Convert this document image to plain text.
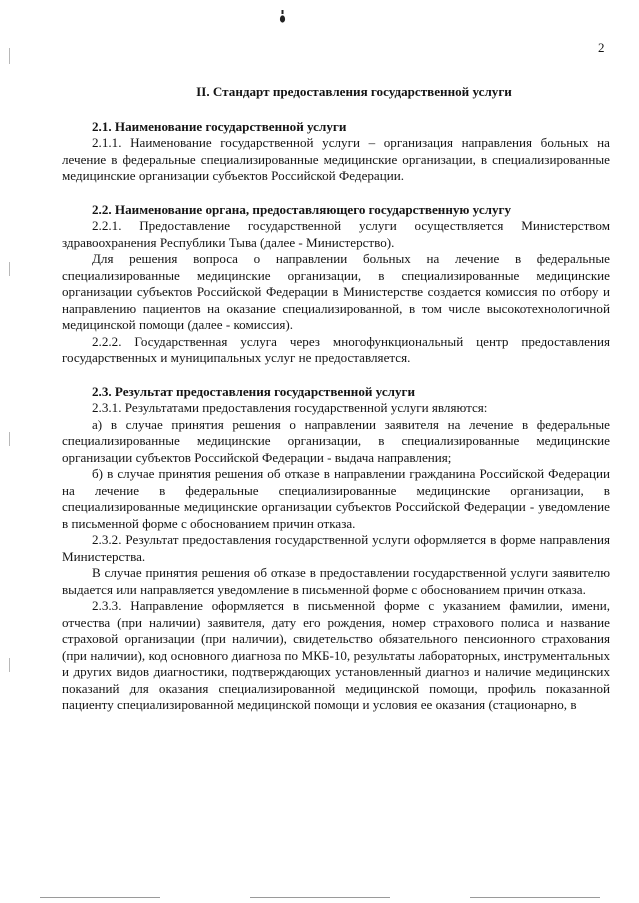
2
II. Стандарт предоставления государственной услуги

2.1. Наименование государственной услуги

2.1.1. Наименование государственной услуги – организация направления больных на лечение в федеральные специализированные медицинские организации, в специализированные медицинские организации субъектов Российской Федерации.

2.2. Наименование органа, предоставляющего государственную услугу

2.2.1. Предоставление государственной услуги осуществляется Министерством здравоохранения Республики Тыва (далее - Министерство).

Для решения вопроса о направлении больных на лечение в федеральные специализированные медицинские организации, в специализированные медицинские организации субъектов Российской Федерации в Министерстве создается комиссия по отбору и направлению пациентов на оказание специализированной, в том числе высокотехнологичной медицинской помощи (далее - комиссия).

2.2.2. Государственная услуга через многофункциональный центр предоставления государственных и муниципальных услуг не предоставляется.

2.3. Результат предоставления государственной услуги

2.3.1. Результатами предоставления государственной услуги являются:

а) в случае принятия решения о направлении заявителя на лечение в федеральные специализированные медицинские организации, в специализированные медицинские организации субъектов Российской Федерации - выдача направления;

б) в случае принятия решения об отказе в направлении гражданина Российской Федерации на лечение в федеральные специализированные медицинские организации, в специализированные медицинские организации субъектов Российской Федерации - уведомление в письменной форме с обоснованием причин отказа.

2.3.2. Результат предоставления государственной услуги оформляется в форме направления Министерства.

В случае принятия решения об отказе в предоставлении государственной услуги заявителю выдается или направляется уведомление в письменной форме с обоснованием причин отказа.

2.3.3. Направление оформляется в письменной форме с указанием фамилии, имени, отчества (при наличии) заявителя, дату его рождения, номер страхового полиса и название страховой организации (при наличии), свидетельство обязательного пенсионного страхования (при наличии), код основного диагноза по МКБ-10, результаты лабораторных, инструментальных и других видов диагностики, подтверждающих установленный диагноз и наличие медицинских показаний для оказания специализированной медицинской помощи, профиль показанной пациенту специализированной медицинской помощи и условия ее оказания (стационарно, в
